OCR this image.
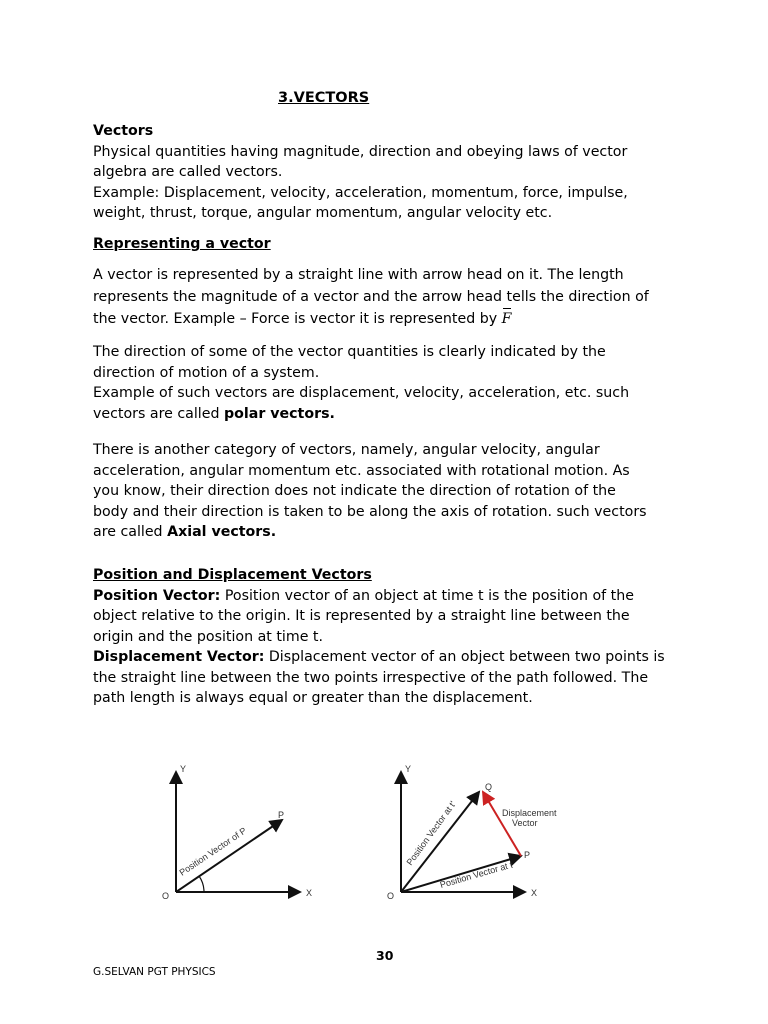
3.VECTORS
Vectors
Physical quantities having magnitude, direction and obeying laws of vector
algebra are called vectors.
Example: Displacement, velocity, acceleration, momentum, force, impulse,
weight, thrust, torque, angular momentum, angular velocity etc.
Representing a vector
A vector is represented by a straight line with arrow head on it. The length
represents the magnitude of a vector and the arrow head tells the direction of
the vector. Example – Force is vector it is represented by F
The direction of some of the vector quantities is clearly indicated by the
direction of motion of a system.
Example of such vectors are displacement, velocity, acceleration, etc. such
vectors are called polar vectors.
There is another category of vectors, namely, angular velocity, angular
acceleration, angular momentum etc. associated with rotational motion. As
you know, their direction does not indicate the direction of rotation of the
body and their direction is taken to be along the axis of rotation. such vectors
are called Axial vectors.
Position and Displacement Vectors
Position Vector: Position vector of an object at time t is the position of the
object relative to the origin. It is represented by a straight line between the
origin and the position at time t.
Displacement Vector: Displacement vector of an object between two points is
the straight line between the two points irrespective of the path followed. The
path length is always equal or greater than the displacement.
Y
X
O
P
Position Vector of P
Y
X
O
P
Q
Displacement
Vector
Position Vector at t'
Position Vector at t
30
G.SELVAN PGT PHYSICS
